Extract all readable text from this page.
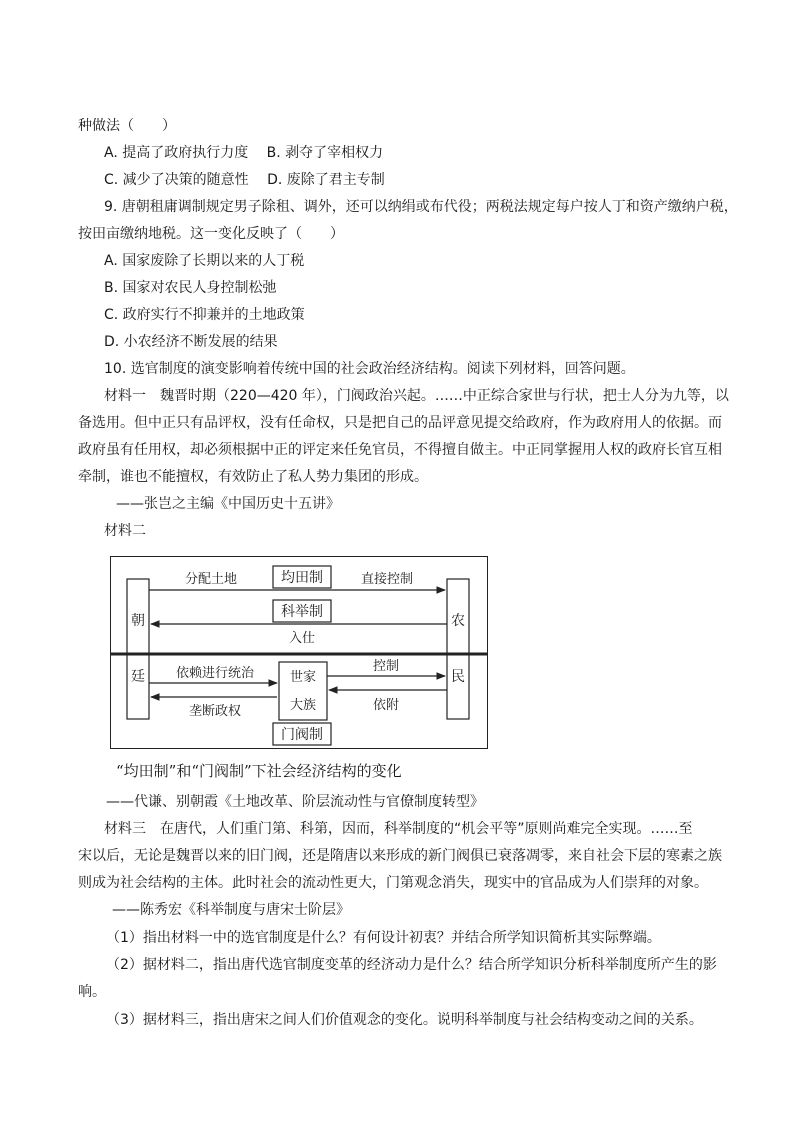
种做法（　　）
A. 提高了政府执行力度　 B. 剥夺了宰相权力
C. 减少了决策的随意性　 D. 废除了君主专制
9. 唐朝租庸调制规定男子除租、调外，还可以纳绢或布代役；两税法规定每户按人丁和资产缴纳户税，
按田亩缴纳地税。这一变化反映了（　　）
A. 国家废除了长期以来的人丁税
B. 国家对农民人身控制松弛
C. 政府实行不抑兼并的土地政策
D. 小农经济不断发展的结果
10. 选官制度的演变影响着传统中国的社会政治经济结构。阅读下列材料，回答问题。
材料一　魏晋时期（220—420 年），门阀政治兴起。……中正综合家世与行状，把士人分为九等，以
备选用。但中正只有品评权，没有任命权，只是把自己的品评意见提交给政府，作为政府用人的依据。而
政府虽有任用权，却必须根据中正的评定来任免官员，不得擅自做主。中正同掌握用人权的政府长官互相
牵制，谁也不能擅权，有效防止了私人势力集团的形成。
——张岂之主编《中国历史十五讲》
材料二
——代谦、别朝霞《土地改革、阶层流动性与官僚制度转型》
材料三　在唐代，人们重门第、科第，因而，科举制度的“机会平等”原则尚难完全实现。……至
宋以后，无论是魏晋以来的旧门阀，还是隋唐以来形成的新门阀俱已衰落凋零，来自社会下层的寒素之族
则成为社会结构的主体。此时社会的流动性更大，门第观念消失，现实中的官品成为人们崇拜的对象。
——陈秀宏《科举制度与唐宋士阶层》
（1）指出材料一中的选官制度是什么？有何设计初衷？并结合所学知识简析其实际弊端。
（2）据材料二，指出唐代选官制度变革的经济动力是什么？结合所学知识分析科举制度所产生的影
响。
（3）据材料三，指出唐宋之间人们价值观念的变化。说明科举制度与社会结构变动之间的关系。
朝
廷
农
民
均田制
科举制
分配土地	直接控制
入仕
世家
大族
门阀制
依赖进行统治
垄断政权
控制
依附
“均田制”和“门阀制”下社会经济结构的变化
